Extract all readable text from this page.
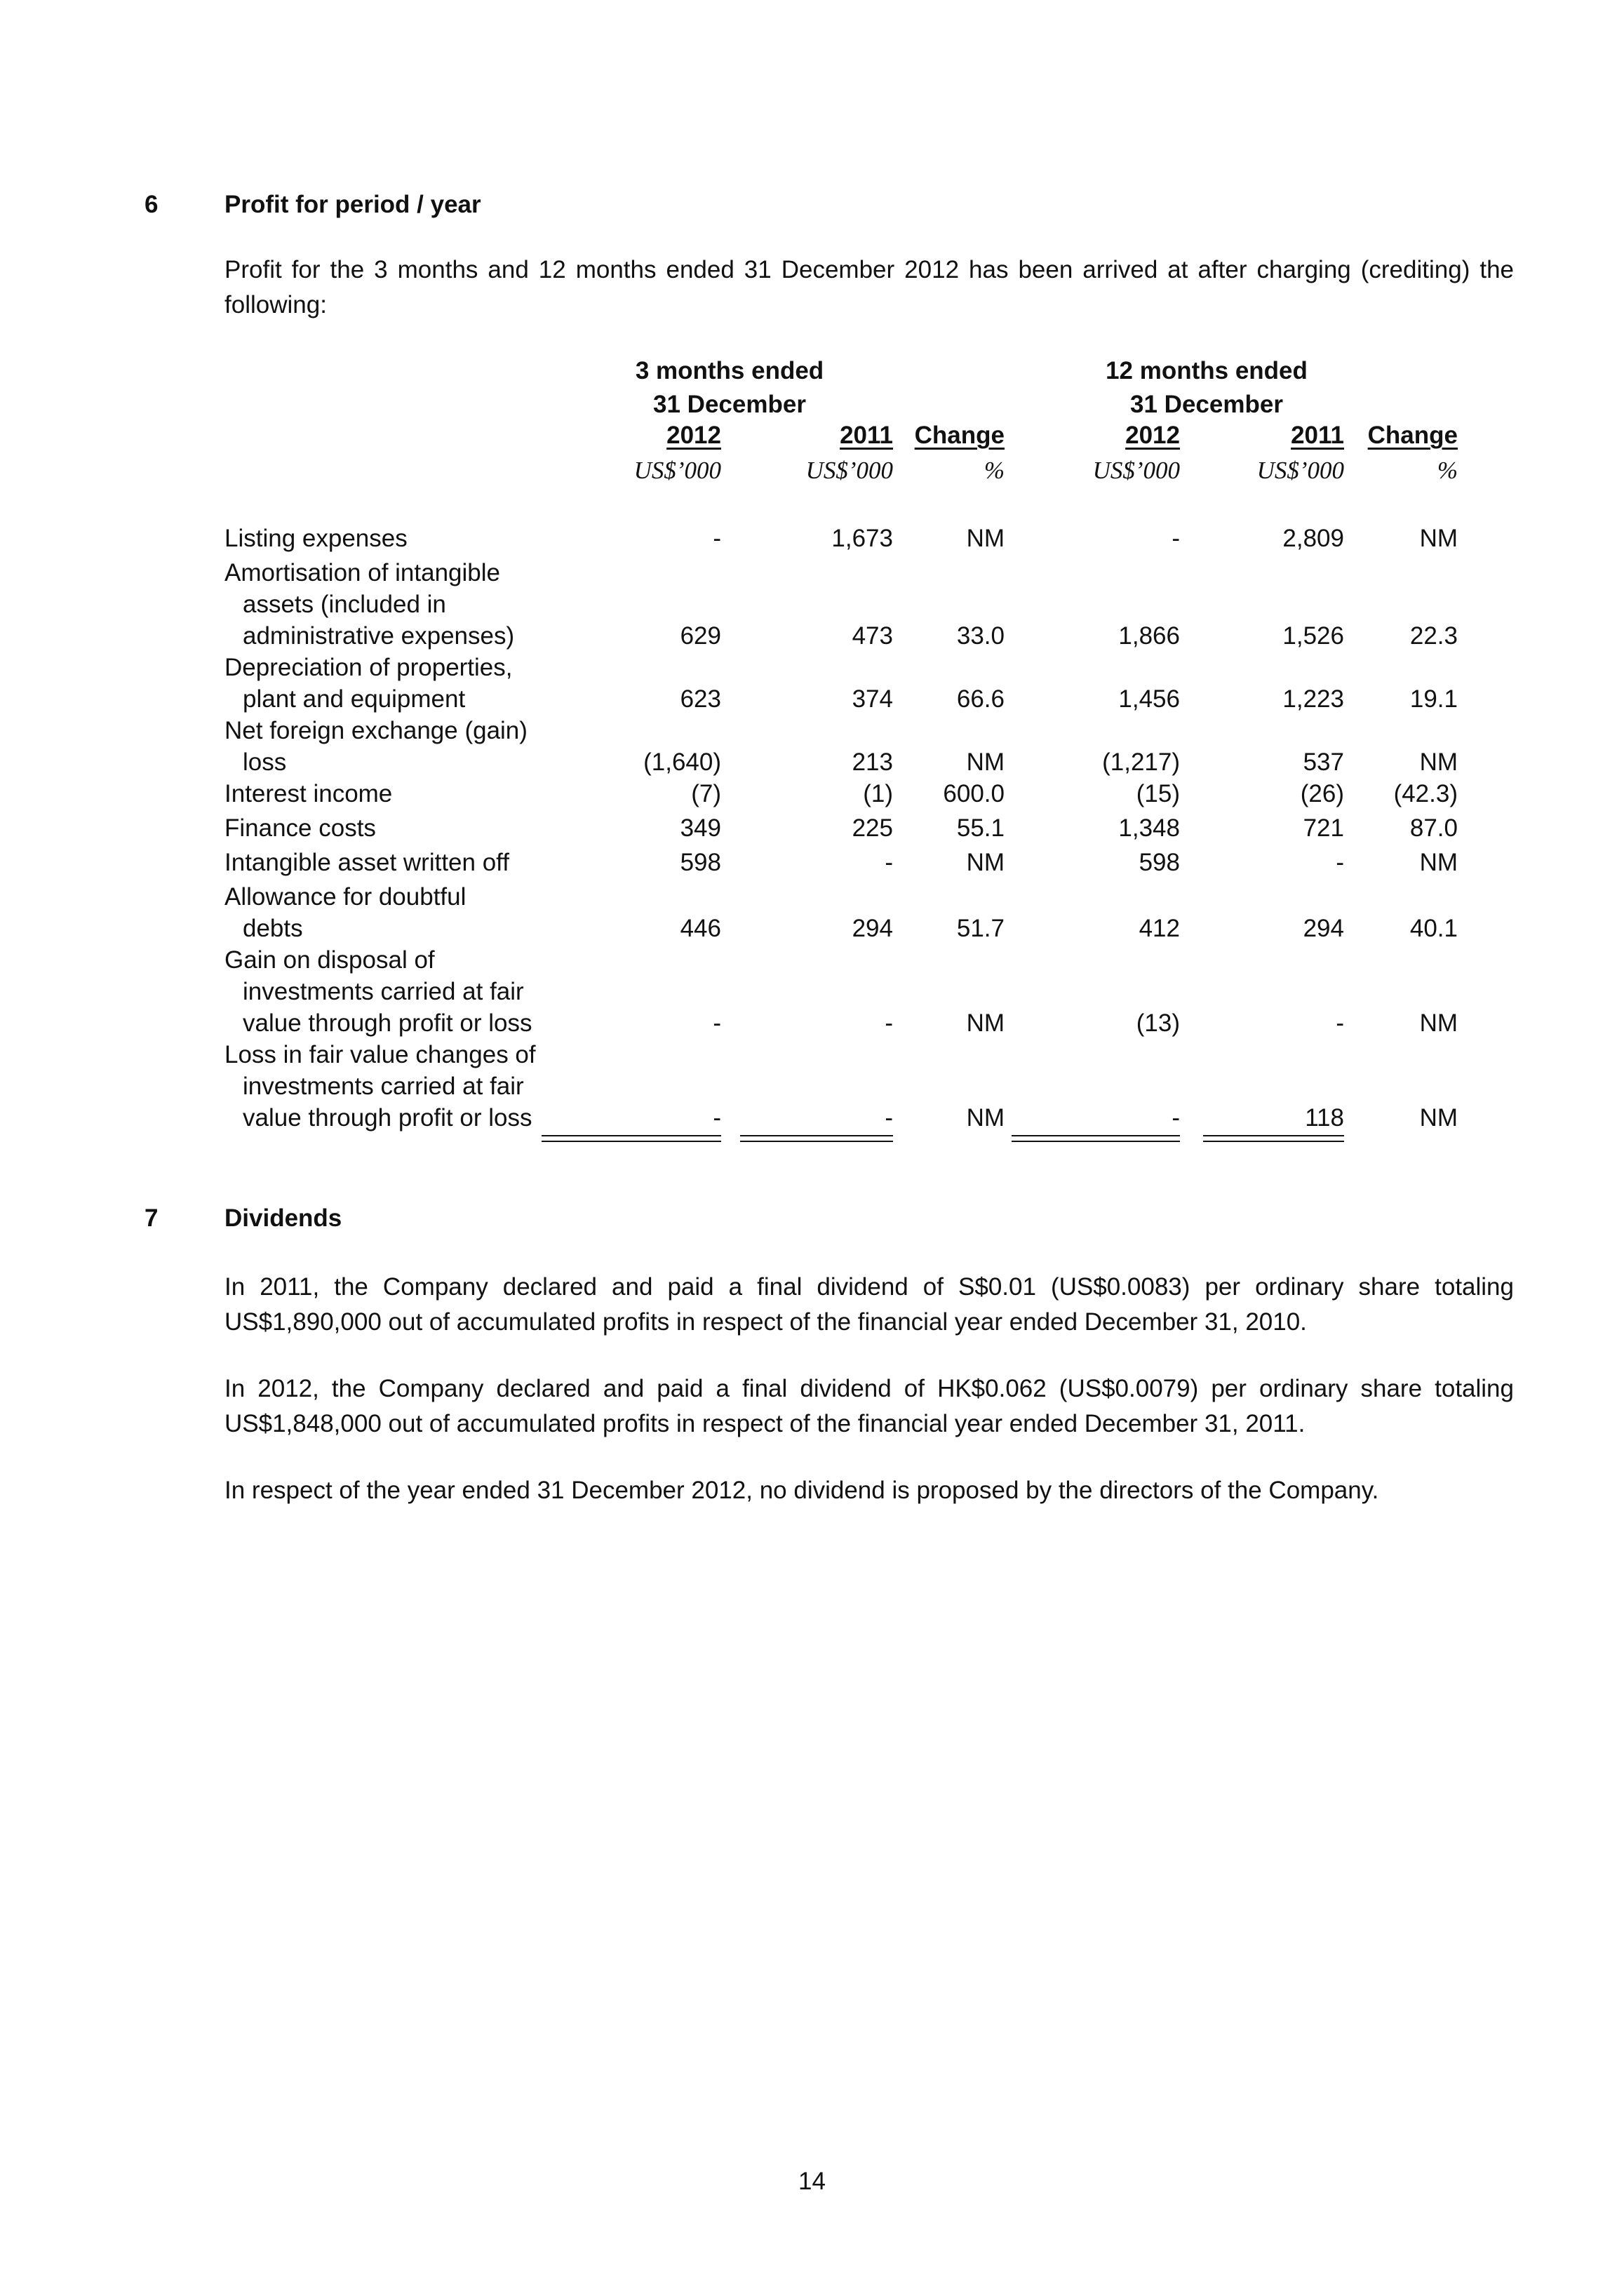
6	Profit for period / year
Profit for the 3 months and 12 months ended 31 December 2012 has been arrived at after charging (crediting) the following:
3 months ended
31 December
12 months ended
31 December
2012	2011 Change	2012	2011 Change
US$’000	US$’000	%	US$’000	US$’000	%
Listing expenses	-	1,673	NM	-	2,809	NM
Amortisation of intangible
assets (included in
administrative expenses)	629	473	33.0	1,866	1,526	22.3
Depreciation of properties,
plant and equipment	623	374	66.6	1,456	1,223	19.1
Net foreign exchange (gain)
loss	(1,640)	213	NM	(1,217)	537	NM
Interest income	(7)	(1)	600.0	(15)	(26)	(42.3)
Finance costs	349	225	55.1	1,348	721	87.0
Intangible asset written off	598	-	NM	598	-	NM
Allowance for doubtful
debts	446	294	51.7	412	294	40.1
Gain on disposal of
investments carried at fair
value through profit or loss	-	-	NM	(13)	-	NM
Loss in fair value changes of
investments carried at fair
value through profit or loss	-	-	NM	-	118	NM
7	Dividends
In 2011, the Company declared and paid a final dividend of S$0.01 (US$0.0083) per ordinary share totaling US$1,890,000 out of accumulated profits in respect of the financial year ended December 31, 2010.
In 2012, the Company declared and paid a final dividend of HK$0.062 (US$0.0079) per ordinary share totaling US$1,848,000 out of accumulated profits in respect of the financial year ended December 31, 2011.
In respect of the year ended 31 December 2012, no dividend is proposed by the directors of the Company.
14
